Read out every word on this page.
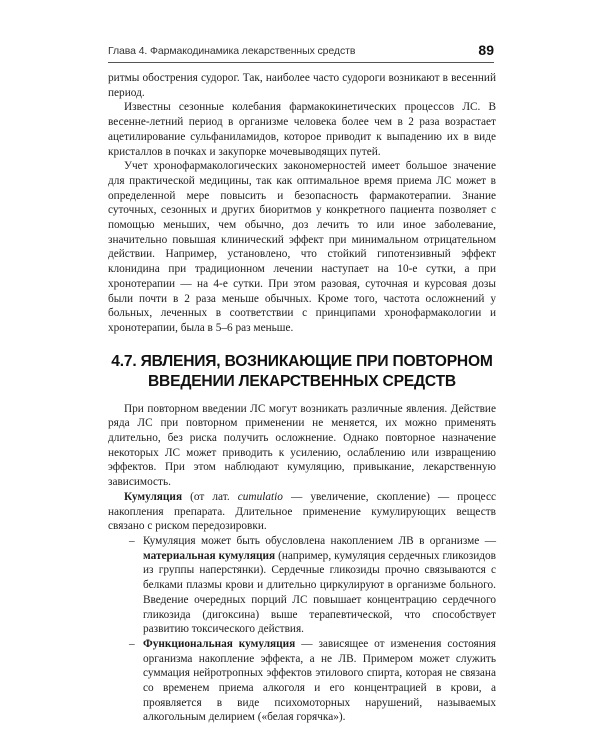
Глава 4. Фармакодинамика лекарственных средств	89

ритмы обострения судорог. Так, наиболее часто судороги возникают в весенний период.

Известны сезонные колебания фармакокинетических процессов ЛС. В весенне-летний период в организме человека более чем в 2 раза возрастает ацетилирование сульфаниламидов, которое приводит к выпадению их в виде кристаллов в почках и закупорке мочевыводящих путей.

Учет хронофармакологических закономерностей имеет большое значение для практической медицины, так как оптимальное время приема ЛС может в определенной мере повысить и безопасность фармакотерапии. Знание суточных, сезонных и других биоритмов у конкретного пациента позволяет с помощью меньших, чем обычно, доз лечить то или иное заболевание, значительно повышая клинический эффект при минимальном отрицательном действии. Например, установлено, что стойкий гипотензивный эффект клонидина при традиционном лечении наступает на 10-е сутки, а при хронотерапии — на 4-е сутки. При этом разовая, суточная и курсовая дозы были почти в 2 раза меньше обычных. Кроме того, частота осложнений у больных, леченных в соответствии с принципами хронофармакологии и хронотерапии, была в 5–6 раз меньше.

4.7. ЯВЛЕНИЯ, ВОЗНИКАЮЩИЕ ПРИ ПОВТОРНОМ
ВВЕДЕНИИ ЛЕКАРСТВЕННЫХ СРЕДСТВ

При повторном введении ЛС могут возникать различные явления. Действие ряда ЛС при повторном применении не меняется, их можно применять длительно, без риска получить осложнение. Однако повторное назначение некоторых ЛС может приводить к усилению, ослаблению или извращению эффектов. При этом наблюдают кумуляцию, привыкание, лекарственную зависимость.

Кумуляция (от лат. cumulatio — увеличение, скопление) — процесс накопления препарата. Длительное применение кумулирующих веществ связано с риском передозировки.

– Кумуляция может быть обусловлена накоплением ЛВ в организме — материальная кумуляция (например, кумуляция сердечных гликозидов из группы наперстянки). Сердечные гликозиды прочно связываются с белками плазмы крови и длительно циркулируют в организме больного. Введение очередных порций ЛС повышает концентрацию сердечного гликозида (дигоксина) выше терапевтической, что способствует развитию токсического действия.
– Функциональная кумуляция — зависящее от изменения состояния организма накопление эффекта, а не ЛВ. Примером может служить суммация нейротропных эффектов этилового спирта, которая не связана со временем приема алкоголя и его концентрацией в крови, а проявляется в виде психомоторных нарушений, называемых алкогольным делирием («белая горячка»).
